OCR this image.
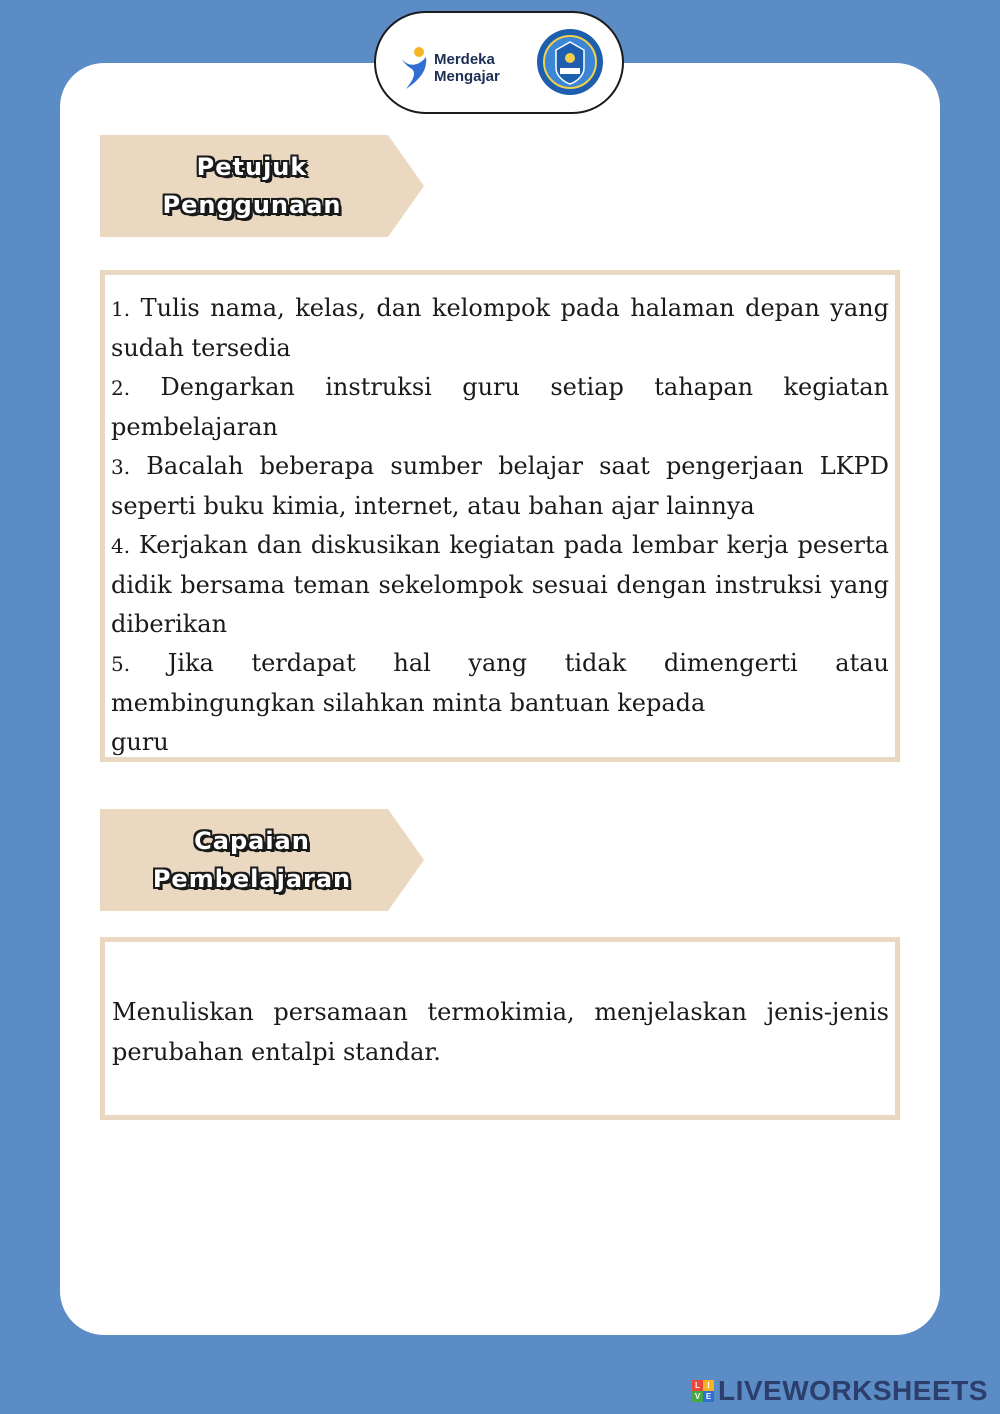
Merdeka
Mengajar
Petujuk
Penggunaan

1. Tulis nama, kelas, dan kelompok pada halaman depan yang sudah tersedia

2. Dengarkan instruksi guru setiap tahapan kegiatan pembelajaran

3. Bacalah beberapa sumber belajar saat pengerjaan LKPD seperti buku kimia, internet, atau bahan ajar lainnya

4. Kerjakan dan diskusikan kegiatan pada lembar kerja peserta didik bersama teman sekelompok sesuai dengan instruksi yang diberikan

5. Jika terdapat hal yang tidak dimengerti atau membingungkan silahkan minta bantuan kepada

guru

Capaian
Pembelajaran

Menuliskan persamaan termokimia, menjelaskan jenis-jenis perubahan entalpi standar.

L I
V E LIVEWORKSHEETS
